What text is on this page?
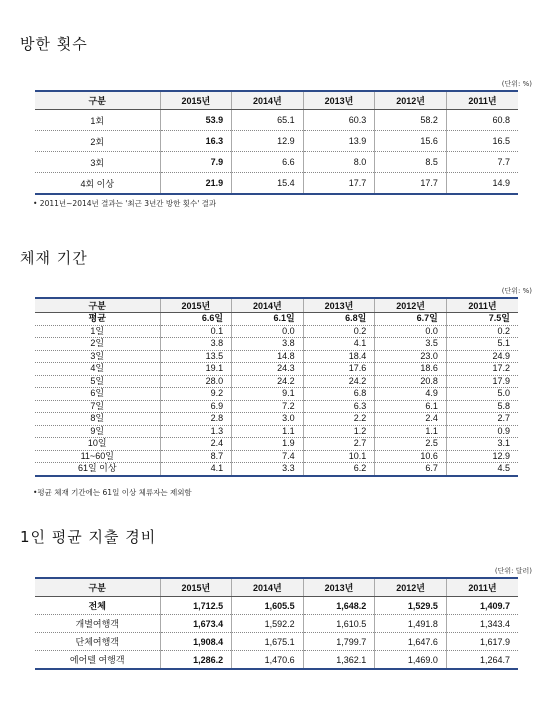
방한 횟수
(단위: %)
구분	2015년	2014년	2013년	2012년	2011년
1회	53.9	65.1	60.3	58.2	60.8
2회	16.3	12.9	13.9	15.6	16.5
3회	7.9	6.6	8.0	8.5	7.7
4회 이상	21.9	15.4	17.7	17.7	14.9
• 2011년~2014년 결과는 '최근 3년간 방한 횟수' 결과
체재 기간
(단위: %)
구분	2015년	2014년	2013년	2012년	2011년
평균	6.6일	6.1일	6.8일	6.7일	7.5일
1일	0.1	0.0	0.2	0.0	0.2
2일	3.8	3.8	4.1	3.5	5.1
3일	13.5	14.8	18.4	23.0	24.9
4일	19.1	24.3	17.6	18.6	17.2
5일	28.0	24.2	24.2	20.8	17.9
6일	9.2	9.1	6.8	4.9	5.0
7일	6.9	7.2	6.3	6.1	5.8
8일	2.8	3.0	2.2	2.4	2.7
9일	1.3	1.1	1.2	1.1	0.9
10일	2.4	1.9	2.7	2.5	3.1
11~60일	8.7	7.4	10.1	10.6	12.9
61일 이상	4.1	3.3	6.2	6.7	4.5
•평균 체재 기간에는 61일 이상 체류자는 제외함
1인 평균 지출 경비
(단위: 달러)
구분	2015년	2014년	2013년	2012년	2011년
전체	1,712.5	1,605.5	1,648.2	1,529.5	1,409.7
개별여행객	1,673.4	1,592.2	1,610.5	1,491.8	1,343.4
단체여행객	1,908.4	1,675.1	1,799.7	1,647.6	1,617.9
에어텔 여행객	1,286.2	1,470.6	1,362.1	1,469.0	1,264.7
